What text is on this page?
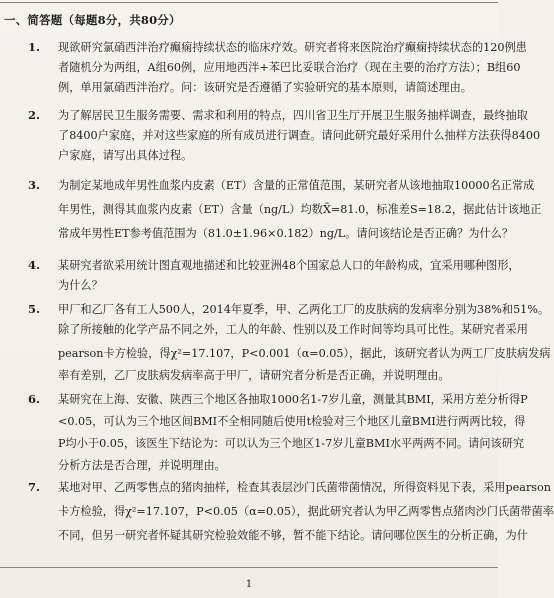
一、简答题（每题8分，共80分）
1. 现欲研究氯硝西泮治疗癫痫持续状态的临床疗效。研究者将来医院治疗癫痫持续状态的120例患
者随机分为两组，A组60例，应用地西泮+苯巴比妥联合治疗（现在主要的治疗方法）；B组60
例，单用氯硝西泮治疗。问：该研究是否遵循了实验研究的基本原则，请简述理由。
2. 为了解居民卫生服务需要、需求和利用的特点，四川省卫生厅开展卫生服务抽样调查，最终抽取
了8400户家庭，并对这些家庭的所有成员进行调查。请问此研究最好采用什么抽样方法获得8400
户家庭，请写出具体过程。
3. 为制定某地成年男性血浆内皮素（ET）含量的正常值范围，某研究者从该地抽取10000名正常成
年男性，测得其血浆内皮素（ET）含量（ng/L）均数X̄=81.0，标准差S=18.2，据此估计该地正
常成年男性ET参考值范围为（81.0±1.96×0.182）ng/L。请问该结论是否正确？为什么？
4. 某研究者欲采用统计图直观地描述和比较亚洲48个国家总人口的年龄构成，宜采用哪种图形，
为什么？
5. 甲厂和乙厂各有工人500人，2014年夏季，甲、乙两化工厂的皮肤病的发病率分别为38%和51%。
除了所接触的化学产品不同之外，工人的年龄、性别以及工作时间等均具可比性。某研究者采用
pearson卡方检验，得χ²=17.107，P<0.001（α=0.05），据此，该研究者认为两工厂皮肤病发病
率有差别，乙厂皮肤病发病率高于甲厂，请研究者分析是否正确，并说明理由。
6. 某研究在上海、安徽、陕西三个地区各抽取1000名1-7岁儿童，测量其BMI，采用方差分析得P
<0.05，可认为三个地区间BMI不全相同随后使用t检验对三个地区儿童BMI进行两两比较，得
P均小于0.05，该医生下结论为：可以认为三个地区1-7岁儿童BMI水平两两不同。请问该研究
分析方法是否合理，并说明理由。
7. 某地对甲、乙两零售点的猪肉抽样，检查其表层沙门氏菌带菌情况，所得资料见下表，采用pearson
卡方检验，得χ²=17.107，P<0.05（α=0.05），据此研究者认为甲乙两零售点猪肉沙门氏菌带菌率
不同，但另一研究者怀疑其研究检验效能不够，暂不能下结论。请问哪位医生的分析正确，为什
1
